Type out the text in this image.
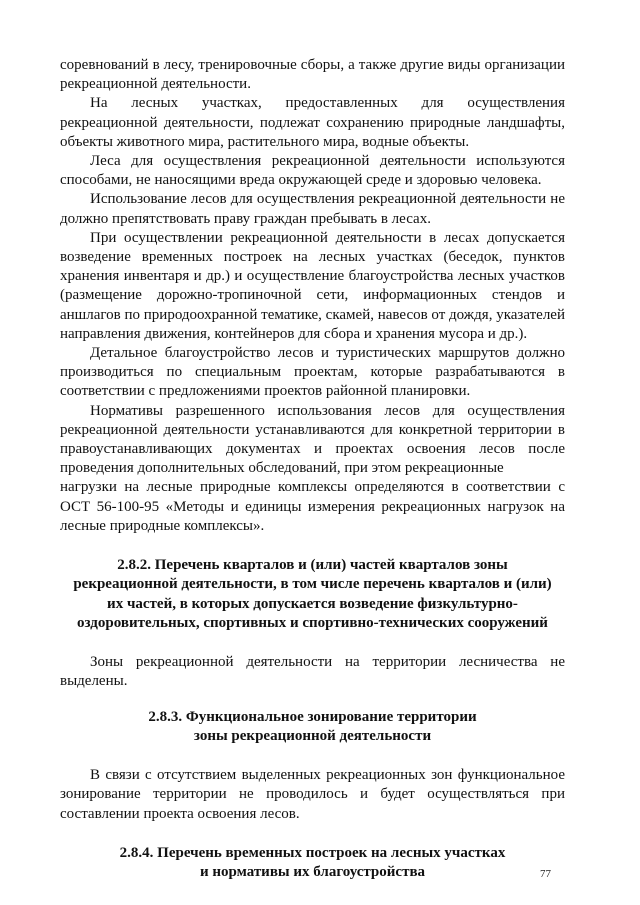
соревнований в лесу, тренировочные сборы, а также другие виды организации рекреационной деятельности.

На лесных участках, предоставленных для осуществления рекреационной деятельности, подлежат сохранению природные ландшафты, объекты животного мира, растительного мира, водные объекты.

Леса для осуществления рекреационной деятельности используются способами, не наносящими вреда окружающей среде и здоровью человека.

Использование лесов для осуществления рекреационной деятельности не должно препятствовать праву граждан пребывать в лесах.

При осуществлении рекреационной деятельности в лесах допускается возведение временных построек на лесных участках (беседок, пунктов хранения инвентаря и др.) и осуществление благоустройства лесных участков (размещение дорожно-тропиночной сети, информационных стендов и аншлагов по природоохранной тематике, скамей, навесов от дождя, указателей направления движения, контейнеров для сбора и хранения мусора и др.).

Детальное благоустройство лесов и туристических маршрутов должно производиться по специальным проектам, которые разрабатываются в соответствии с предложениями проектов районной планировки.

Нормативы разрешенного использования лесов для осуществления рекреационной деятельности устанавливаются для конкретной территории в правоустанавливающих документах и проектах освоения лесов после проведения дополнительных обследований, при этом рекреационные

нагрузки на лесные природные комплексы определяются в соответствии с ОСТ 56-100-95 «Методы и единицы измерения рекреационных нагрузок на лесные природные комплексы».

2.8.2. Перечень кварталов и (или) частей кварталов зоны рекреационной деятельности, в том числе перечень кварталов и (или) их частей, в которых допускается возведение физкультурно-оздоровительных, спортивных и спортивно-технических сооружений

Зоны рекреационной деятельности на территории лесничества не выделены.

2.8.3. Функциональное зонирование территории зоны рекреационной деятельности

В связи с отсутствием выделенных рекреационных зон функциональное зонирование территории не проводилось и будет осуществляться при составлении проекта освоения лесов.

2.8.4. Перечень временных построек на лесных участках и нормативы их благоустройства	77
